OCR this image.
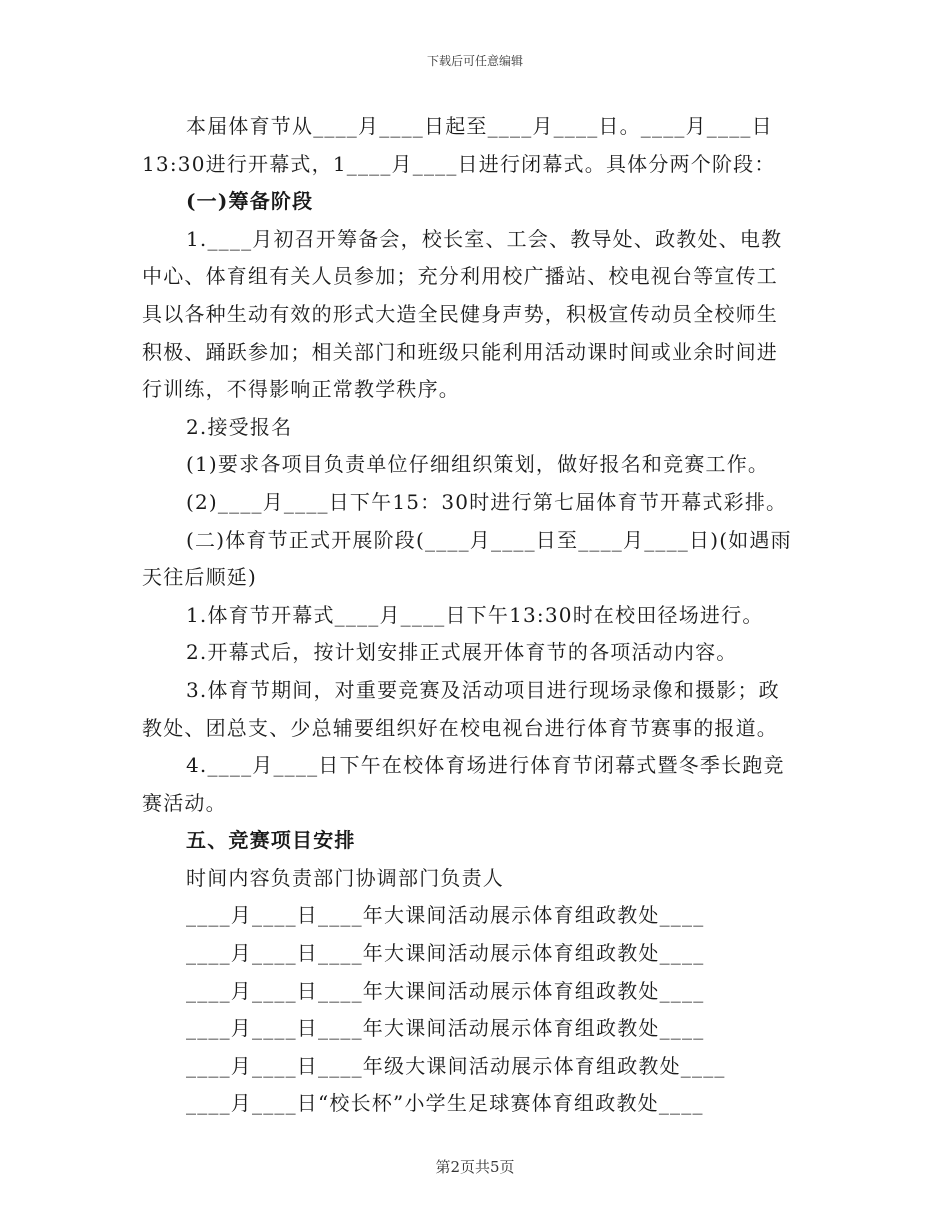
下载后可任意编辑

本届体育节从____月____日起至____月____日。____月____日

13:30进行开幕式，1____月____日进行闭幕式。具体分两个阶段：

(一)筹备阶段

1.____月初召开筹备会，校长室、工会、教导处、政教处、电教

中心、体育组有关人员参加；充分利用校广播站、校电视台等宣传工

具以各种生动有效的形式大造全民健身声势，积极宣传动员全校师生

积极、踊跃参加；相关部门和班级只能利用活动课时间或业余时间进

行训练，不得影响正常教学秩序。

2.接受报名

(1)要求各项目负责单位仔细组织策划，做好报名和竞赛工作。

(2)____月____日下午15：30时进行第七届体育节开幕式彩排。

(二)体育节正式开展阶段(____月____日至____月____日)(如遇雨

天往后顺延)

1.体育节开幕式____月____日下午13:30时在校田径场进行。

2.开幕式后，按计划安排正式展开体育节的各项活动内容。

3.体育节期间，对重要竞赛及活动项目进行现场录像和摄影；政

教处、团总支、少总辅要组织好在校电视台进行体育节赛事的报道。

4.____月____日下午在校体育场进行体育节闭幕式暨冬季长跑竞

赛活动。

五、竞赛项目安排

时间内容负责部门协调部门负责人

____月____日____年大课间活动展示体育组政教处____

____月____日____年大课间活动展示体育组政教处____

____月____日____年大课间活动展示体育组政教处____

____月____日____年大课间活动展示体育组政教处____

____月____日____年级大课间活动展示体育组政教处____

____月____日“校长杯”小学生足球赛体育组政教处____

第2页共5页
